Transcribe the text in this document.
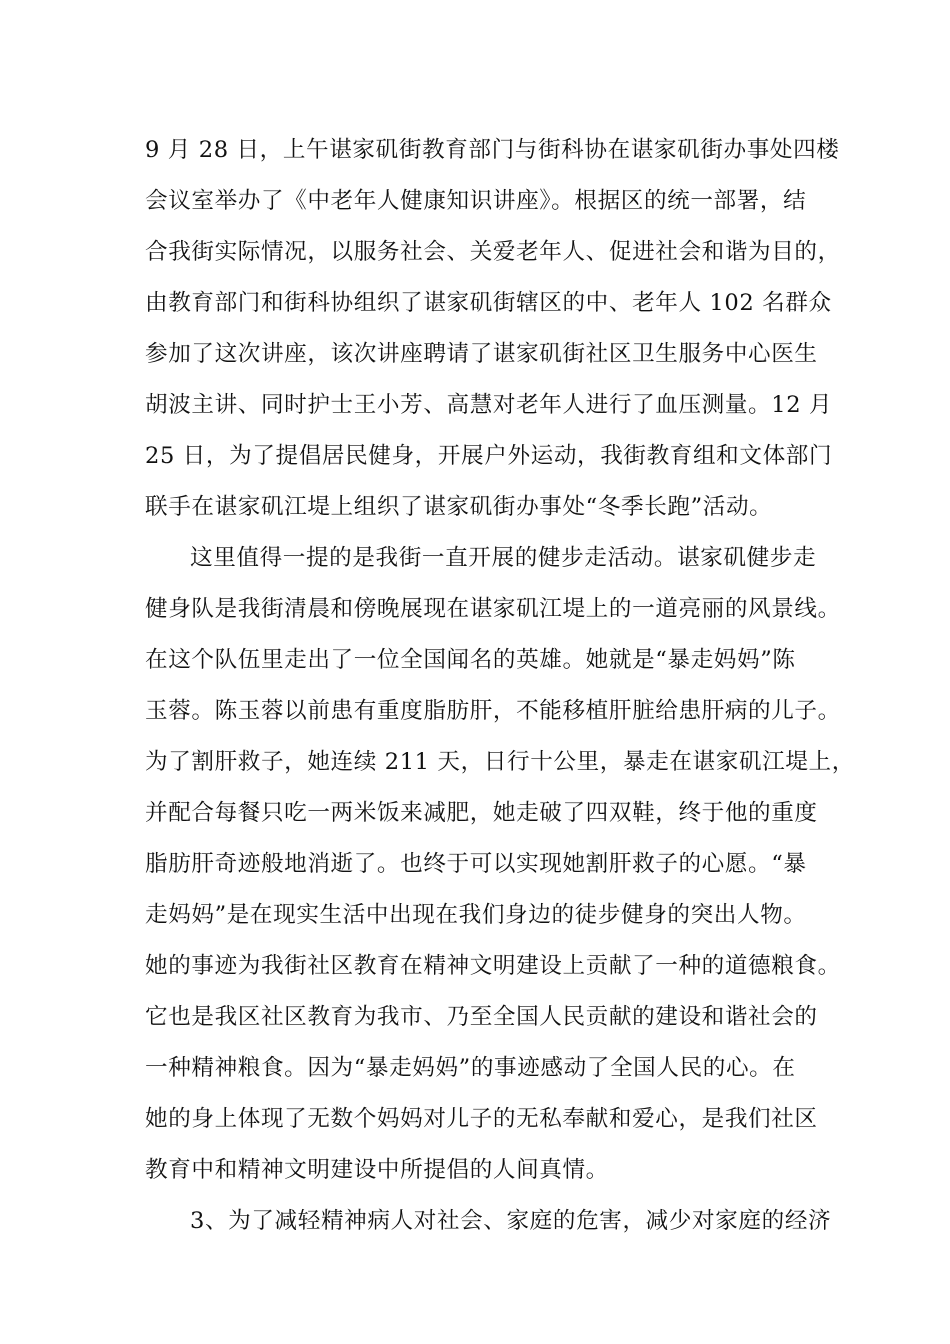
9 月 28 日，上午谌家矶街教育部门与街科协在谌家矶街办事处四楼
会议室举办了《中老年人健康知识讲座》。根据区的统一部署，结
合我街实际情况，以服务社会、关爱老年人、促进社会和谐为目的，
由教育部门和街科协组织了谌家矶街辖区的中、老年人 102 名群众
参加了这次讲座，该次讲座聘请了谌家矶街社区卫生服务中心医生
胡波主讲、同时护士王小芳、高慧对老年人进行了血压测量。12 月
25 日，为了提倡居民健身，开展户外运动，我街教育组和文体部门
联手在谌家矶江堤上组织了谌家矶街办事处“冬季长跑”活动。
这里值得一提的是我街一直开展的健步走活动。谌家矶健步走
健身队是我街清晨和傍晚展现在谌家矶江堤上的一道亮丽的风景线。
在这个队伍里走出了一位全国闻名的英雄。她就是“暴走妈妈”陈
玉蓉。陈玉蓉以前患有重度脂肪肝，不能移植肝脏给患肝病的儿子。
为了割肝救子，她连续 211 天，日行十公里，暴走在谌家矶江堤上，
并配合每餐只吃一两米饭来减肥，她走破了四双鞋，终于他的重度
脂肪肝奇迹般地消逝了。也终于可以实现她割肝救子的心愿。“暴
走妈妈”是在现实生活中出现在我们身边的徒步健身的突出人物。
她的事迹为我街社区教育在精神文明建设上贡献了一种的道德粮食。
它也是我区社区教育为我市、乃至全国人民贡献的建设和谐社会的
一种精神粮食。因为“暴走妈妈”的事迹感动了全国人民的心。在
她的身上体现了无数个妈妈对儿子的无私奉献和爱心，是我们社区
教育中和精神文明建设中所提倡的人间真情。
3、为了减轻精神病人对社会、家庭的危害，减少对家庭的经济
